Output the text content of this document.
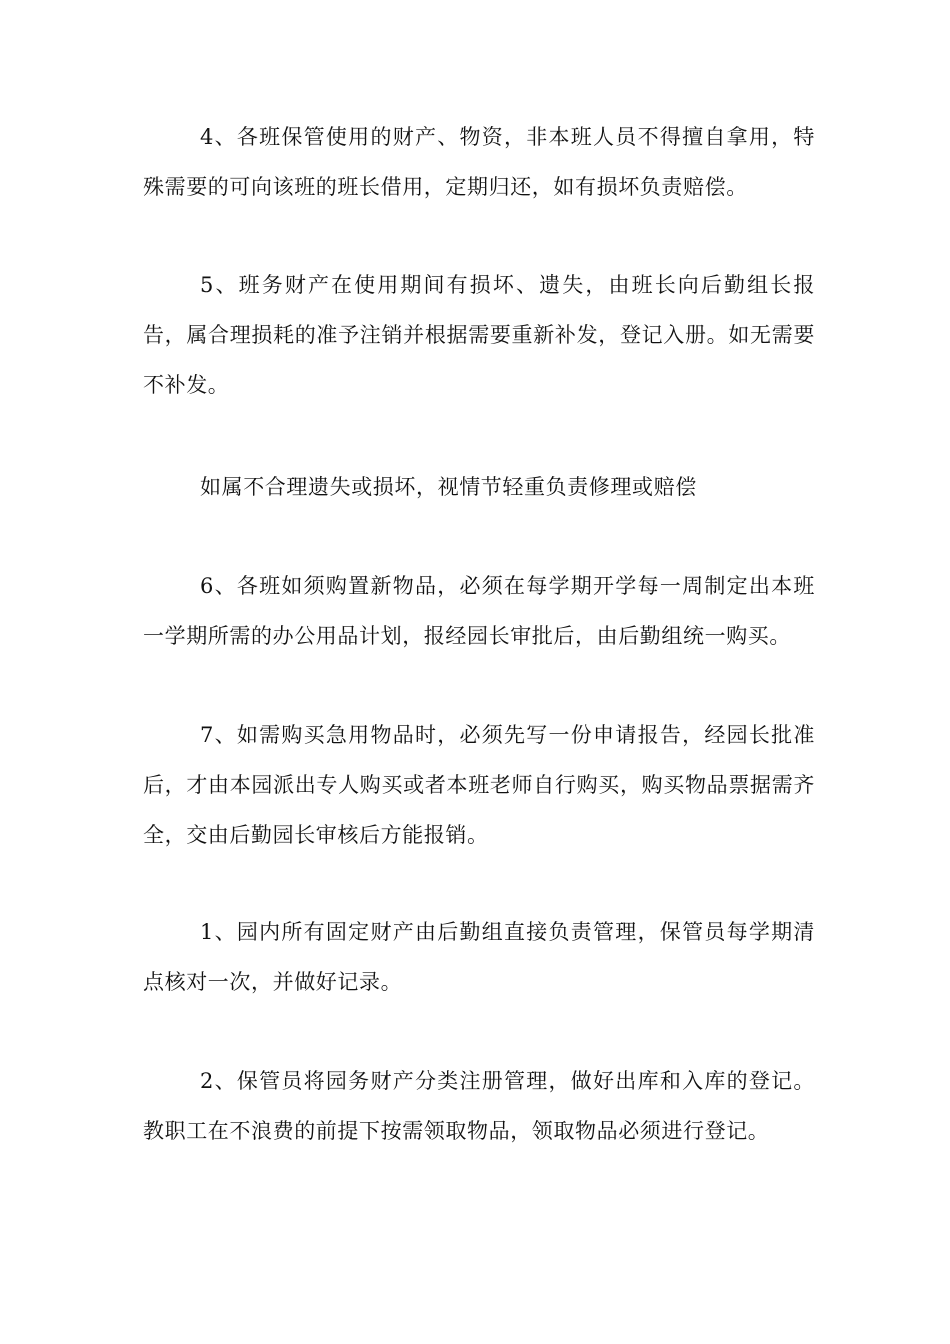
4、各班保管使用的财产、物资，非本班人员不得擅自拿用，特殊需要的可向该班的班长借用，定期归还，如有损坏负责赔偿。

5、班务财产在使用期间有损坏、遗失，由班长向后勤组长报告，属合理损耗的准予注销并根据需要重新补发，登记入册。如无需要不补发。

如属不合理遗失或损坏，视情节轻重负责修理或赔偿

6、各班如须购置新物品，必须在每学期开学每一周制定出本班一学期所需的办公用品计划，报经园长审批后，由后勤组统一购买。

7、如需购买急用物品时，必须先写一份申请报告，经园长批准后，才由本园派出专人购买或者本班老师自行购买，购买物品票据需齐全，交由后勤园长审核后方能报销。

1、园内所有固定财产由后勤组直接负责管理，保管员每学期清点核对一次，并做好记录。

2、保管员将园务财产分类注册管理，做好出库和入库的登记。教职工在不浪费的前提下按需领取物品，领取物品必须进行登记。
